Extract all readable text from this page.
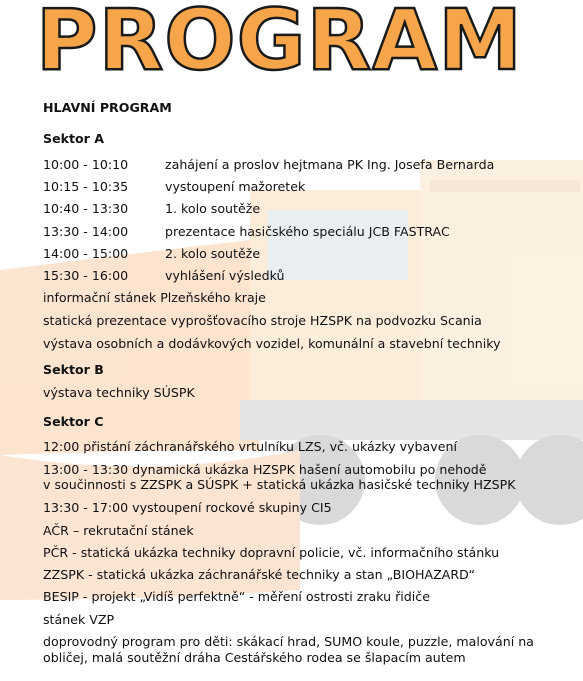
PROGRAM
HLAVNÍ PROGRAM
Sektor A
10:00 - 10:10	zahájení a proslov hejtmana PK Ing. Josefa Bernarda
10:15 - 10:35	vystoupení mažoretek
10:40 - 13:30	1. kolo soutěže
13:30 - 14:00	prezentace hasičského speciálu JCB FASTRAC
14:00 - 15:00	2. kolo soutěže
15:30 - 16:00	vyhlášení výsledků
informační stánek Plzeňského kraje
statická prezentace vyprošťovacího stroje HZSPK na podvozku Scania
výstava osobních a dodávkových vozidel, komunální a stavební techniky
Sektor B
výstava techniky SÚSPK
Sektor C
12:00 přistání záchranářského vrtulníku LZS, vč. ukázky vybavení
13:00 - 13:30 dynamická ukázka HZSPK hašení automobilu po nehodě
v součinnosti s ZZSPK a SÚSPK + statická ukázka hasičské techniky HZSPK
13:30 - 17:00 vystoupení rockové skupiny CI5
AČR – rekrutační stánek
PČR - statická ukázka techniky dopravní policie, vč. informačního stánku
ZZSPK - statická ukázka záchranářské techniky a stan „BIOHAZARD“
BESIP - projekt „Vidíš perfektně“ - měření ostrosti zraku řidiče
stánek VZP
doprovodný program pro děti: skákací hrad, SUMO koule, puzzle, malování na
obličej, malá soutěžní dráha Cestářského rodea se šlapacím autem
